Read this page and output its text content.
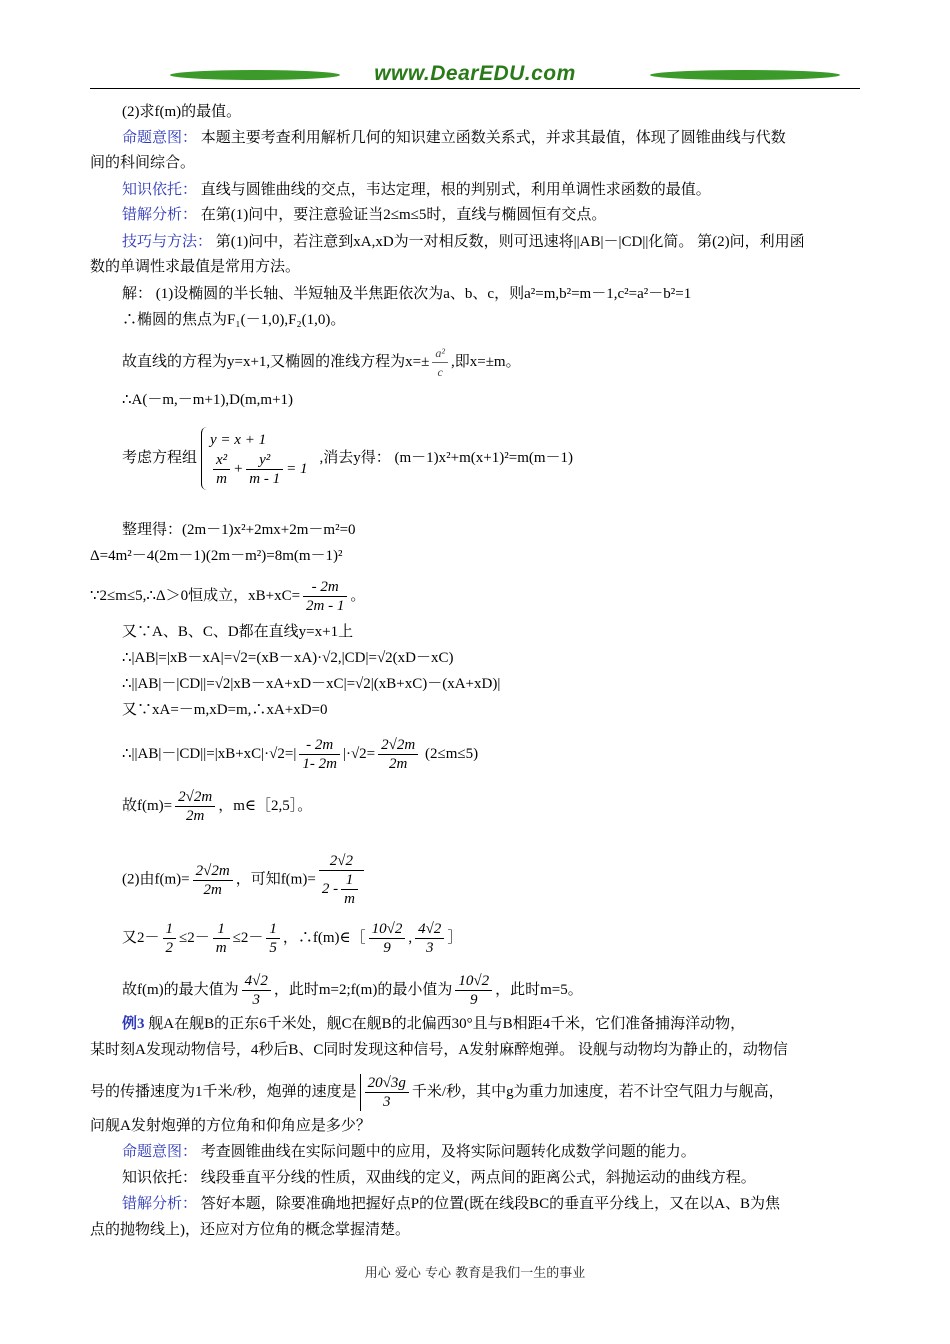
www.DearEDU.com
(2)求f(m)的最值。
命题意图： 本题主要考查利用解析几何的知识建立函数关系式，并求其最值，体现了圆锥曲线与代数
间的科间综合。
知识依托： 直线与圆锥曲线的交点，韦达定理，根的判别式，利用单调性求函数的最值。
错解分析： 在第(1)问中，要注意验证当2≤m≤5时，直线与椭圆恒有交点。
技巧与方法： 第(1)问中，若注意到xA,xD为一对相反数，则可迅速将||AB|－|CD||化简。 第(2)问，利用函
数的单调性求最值是常用方法。
解： (1)设椭圆的半长轴、半短轴及半焦距依次为a、b、c，则a²=m,b²=m－1,c²=a²－b²=1
∴椭圆的焦点为F₁(－1,0),F₂(1,0)。
故直线的方程为y=x+1,又椭圆的准线方程为$x=\pm \frac{\text{a²}}{c}$ ,即x=±m。
∴A(－m,－m+1),D(m,m+1)
考虑方程组
y = x + 1
$\frac{\text{x²}}{m} + \frac{\text{y²}}{m - 1} = 1$
,消去y得： (m－1)x²+m(x+1)²=m(m－1)
整理得：(2m－1)x²+2mx+2m－m²=0
Δ=4m²－4(2m－1)(2m－m²)=8m(m－1)²
∵2≤m≤5,∴Δ＞0恒成立，$xB+xC= \frac{- 2m}{2m - 1}$ 。
又∵A、B、C、D都在直线y=x+1上
∴|AB|=|xB－xA|=√2=(xB－xA)·√2,|CD|=√2(xD－xC)
∴||AB|－|CD||=√2|xB－xA+xD－xC|=√2|(xB+xC)－(xA+xD)|
又∵xA=－m,xD=m,∴xA+xD=0
∴||AB|－|CD||=|xB+xC|·√2=| $\frac{- 2m}{1- 2m} |\cdot√2= \frac{2√2m}{2m} (2\le m\le 5)$
故$f(m)= \frac{2√2m}{2m}$ ，m∈［2,5］。
(2)由$f(m)= \frac{2√2m}{2m}$ ，可知$f(m)= \frac{2√2}{2 - \frac{1}{m}}$
又$2- \frac{1}{2} \le 2- \frac{1}{m} \le 2- \frac{1}{5}$ ，∴f(m)∈［ $\frac{10√2}{9}$ , $\frac{4√2}{3}$ ］
故f(m)的最大值为 $\frac{4√2}{3}$ ，此时m=2;f(m)的最小值为 $\frac{10√2}{9}$ ，此时m=5。
例3 舰A在舰B的正东6千米处，舰C在舰B的北偏西30°且与B相距4千米，它们准备捕海洋动物，
某时刻A发现动物信号，4秒后B、C同时发现这种信号，A发射麻醉炮弹。 设舰与动物均为静止的，动物信
号的传播速度为1千米/秒，炮弹的速度是 $\frac{20√3g}{3}$ 千米/秒，其中g为重力加速度，若不计空气阻力与舰高，
问舰A发射炮弹的方位角和仰角应是多少？
命题意图： 考查圆锥曲线在实际问题中的应用，及将实际问题转化成数学问题的能力。
知识依托： 线段垂直平分线的性质，双曲线的定义，两点间的距离公式，斜抛运动的曲线方程。
错解分析： 答好本题，除要准确地把握好点P的位置(既在线段BC的垂直平分线上，又在以A、B为焦
点的抛物线上)，还应对方位角的概念掌握清楚。
用心 爱心 专心 教育是我们一生的事业
